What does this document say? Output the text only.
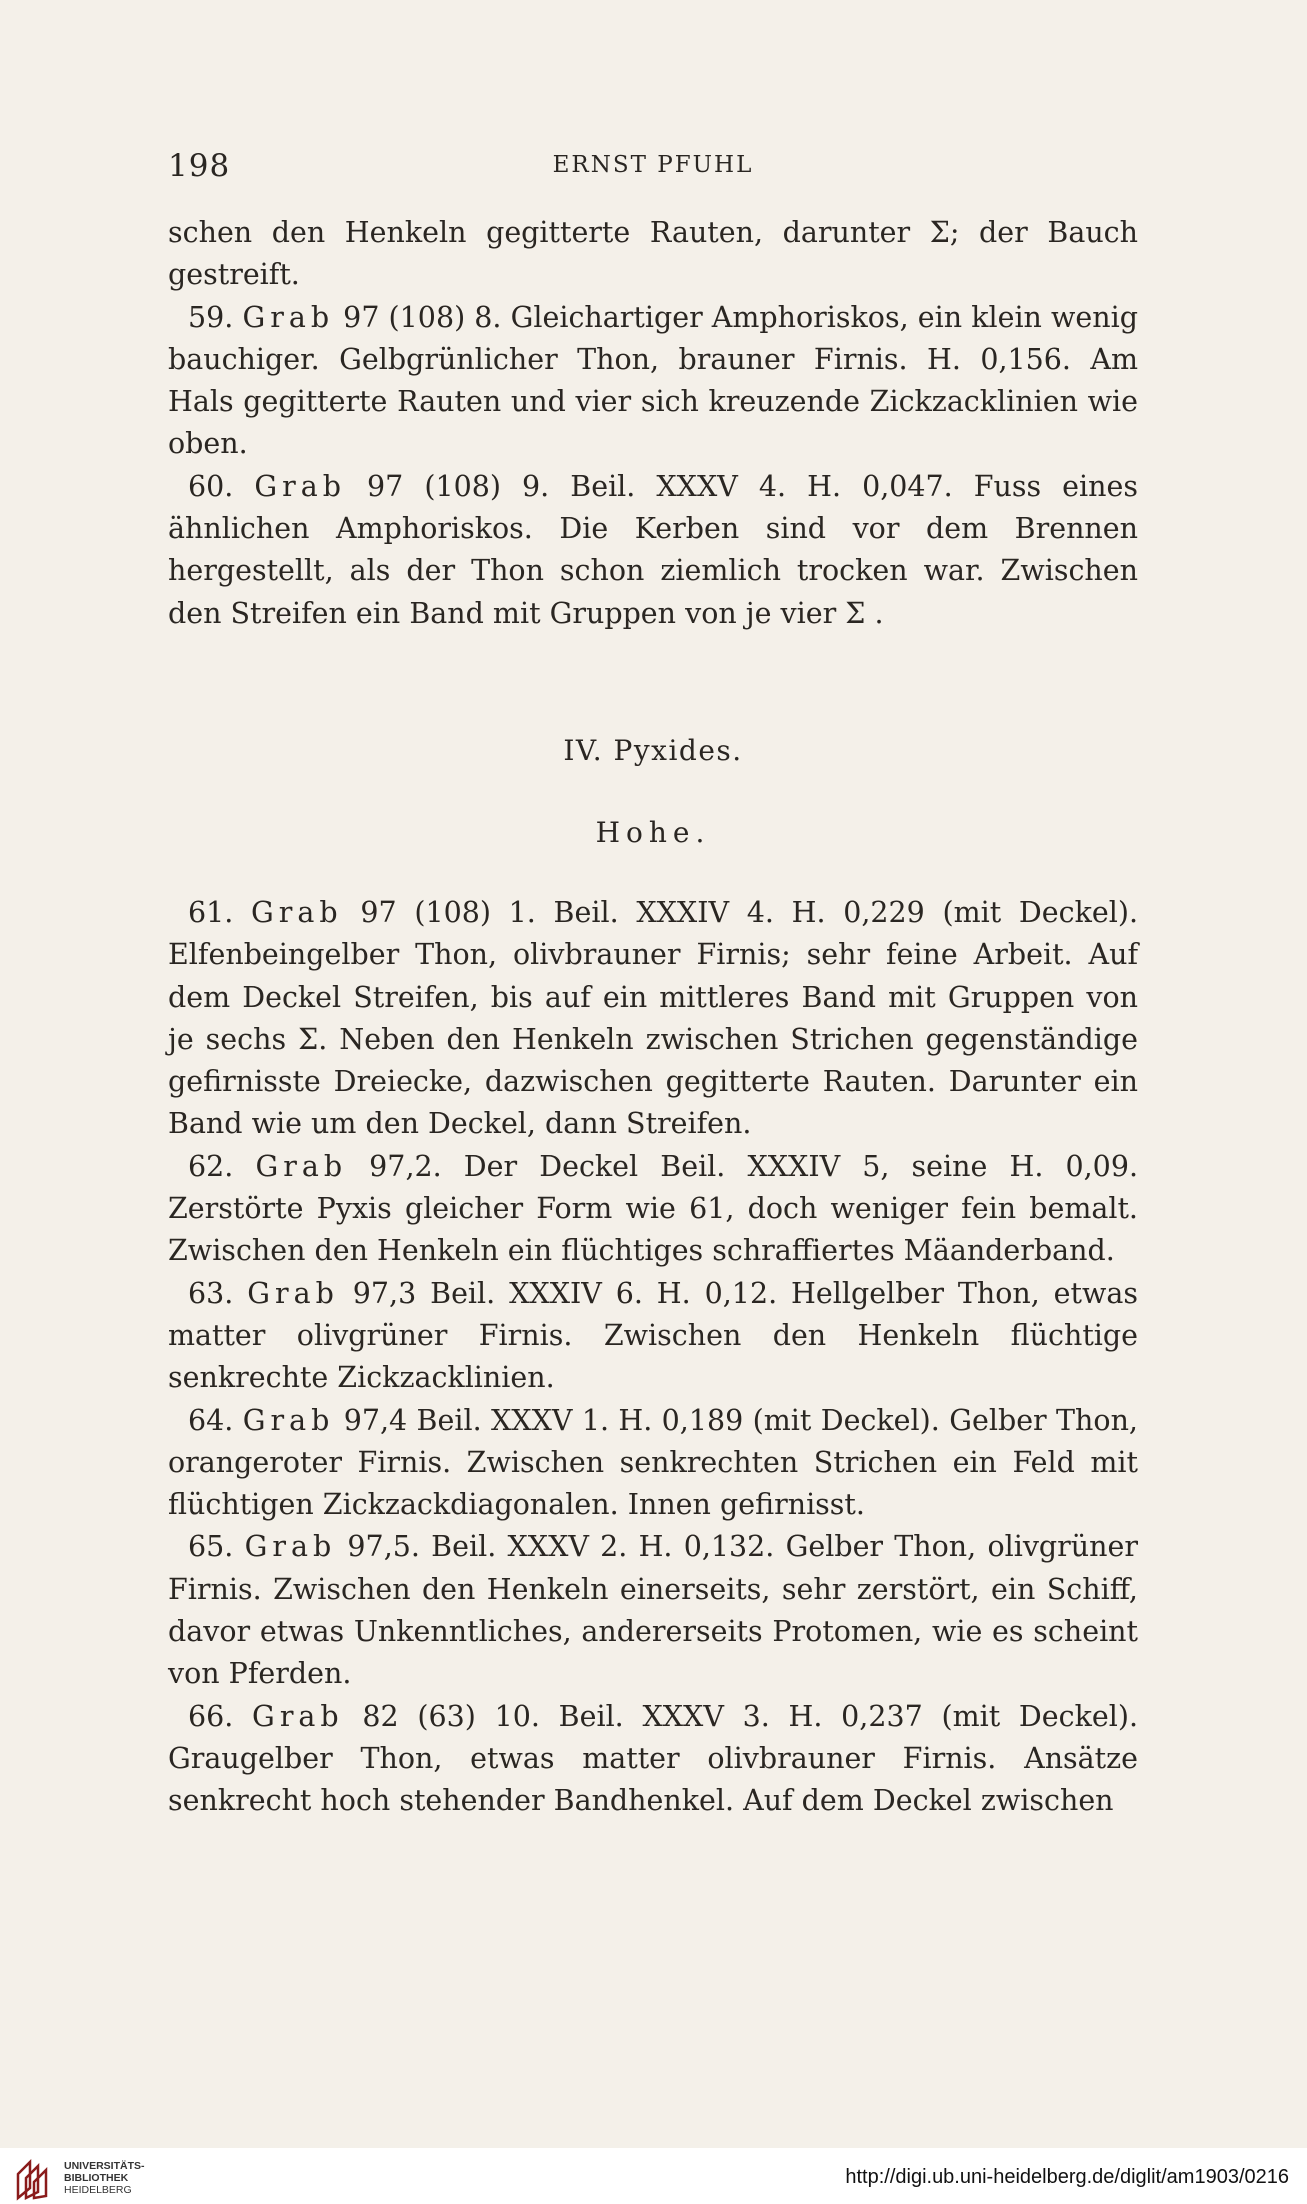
198	ERNST PFUHL

schen den Henkeln gegitterte Rauten, darunter Σ; der Bauch gestreift.

59. Grab 97 (108) 8. Gleichartiger Amphoriskos, ein klein wenig bauchiger. Gelbgrünlicher Thon, brauner Firnis. H. 0,156. Am Hals gegitterte Rauten und vier sich kreuzende Zickzacklinien wie oben.

60. Grab 97 (108) 9. Beil. XXXV 4. H. 0,047. Fuss eines ähnlichen Amphoriskos. Die Kerben sind vor dem Brennen hergestellt, als der Thon schon ziemlich trocken war. Zwischen den Streifen ein Band mit Gruppen von je vier Σ .

IV. Pyxides.
Hohe.

61. Grab 97 (108) 1. Beil. XXXIV 4. H. 0,229 (mit Deckel). Elfenbeingelber Thon, olivbrauner Firnis; sehr feine Arbeit. Auf dem Deckel Streifen, bis auf ein mittleres Band mit Gruppen von je sechs Σ. Neben den Henkeln zwischen Strichen gegenständige gefirnisste Dreiecke, dazwischen gegitterte Rauten. Darunter ein Band wie um den Deckel, dann Streifen.

62. Grab 97,2. Der Deckel Beil. XXXIV 5, seine H. 0,09. Zerstörte Pyxis gleicher Form wie 61, doch weniger fein bemalt. Zwischen den Henkeln ein flüchtiges schraffiertes Mäanderband.

63. Grab 97,3 Beil. XXXIV 6. H. 0,12. Hellgelber Thon, etwas matter olivgrüner Firnis. Zwischen den Henkeln flüchtige senkrechte Zickzacklinien.

64. Grab 97,4 Beil. XXXV 1. H. 0,189 (mit Deckel). Gelber Thon, orangeroter Firnis. Zwischen senkrechten Strichen ein Feld mit flüchtigen Zickzackdiagonalen. Innen gefirnisst.

65. Grab 97,5. Beil. XXXV 2. H. 0,132. Gelber Thon, olivgrüner Firnis. Zwischen den Henkeln einerseits, sehr zerstört, ein Schiff, davor etwas Unkenntliches, andererseits Protomen, wie es scheint von Pferden.

66. Grab 82 (63) 10. Beil. XXXV 3. H. 0,237 (mit Deckel). Graugelber Thon, etwas matter olivbrauner Firnis. Ansätze senkrecht hoch stehender Bandhenkel. Auf dem Deckel zwischen

UNIVERSITÄTS-
BIBLIOTHEK
HEIDELBERG
http://digi.ub.uni-heidelberg.de/diglit/am1903/0216
